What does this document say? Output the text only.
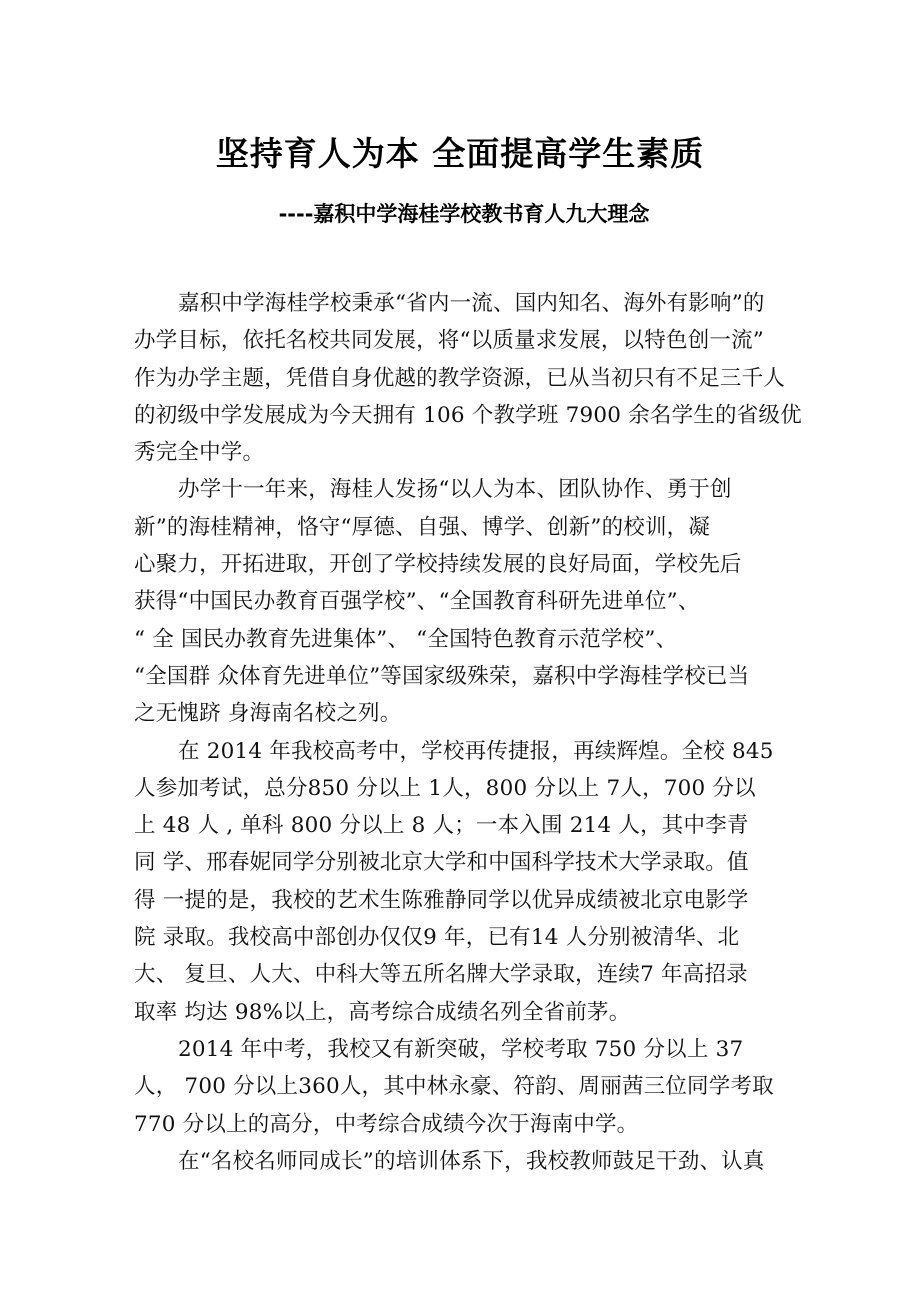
坚持育人为本 全面提高学生素质
----嘉积中学海桂学校教书育人九大理念
嘉积中学海桂学校秉承“省内一流、国内知名、海外有影响”的
办学目标，依托名校共同发展，将“以质量求发展，以特色创一流”
作为办学主题，凭借自身优越的教学资源，已从当初只有不足三千人
的初级中学发展成为今天拥有 106 个教学班 7900 余名学生的省级优
秀完全中学。
办学十一年来，海桂人发扬“以人为本、团队协作、勇于创
新”的海桂精神，恪守“厚德、自强、博学、创新”的校训，凝
心聚力，开拓进取，开创了学校持续发展的良好局面，学校先后
获得“中国民办教育百强学校”、“全国教育科研先进单位”、
“ 全 国民办教育先进集体”、 “全国特色教育示范学校”、
“全国群 众体育先进单位”等国家级殊荣，嘉积中学海桂学校已当
之无愧跻 身海南名校之列。
在 2014 年我校高考中，学校再传捷报，再续辉煌。全校 845
人参加考试，总分850 分以上 1人，800 分以上 7人，700 分以
上 48 人 , 单科 800 分以上 8 人；一本入围 214 人，其中李青
同 学、邢春妮同学分别被北京大学和中国科学技术大学录取。值
得 一提的是，我校的艺术生陈雅静同学以优异成绩被北京电影学
院 录取。我校高中部创办仅仅9 年，已有14 人分别被清华、北
大、 复旦、人大、中科大等五所名牌大学录取，连续7 年高招录
取率 均达 98%以上，高考综合成绩名列全省前茅。
2014 年中考，我校又有新突破，学校考取 750 分以上 37
人， 700 分以上360人，其中林永豪、符韵、周丽茜三位同学考取
770 分以上的高分，中考综合成绩今次于海南中学。
在“名校名师同成长”的培训体系下，我校教师鼓足干劲、认真
